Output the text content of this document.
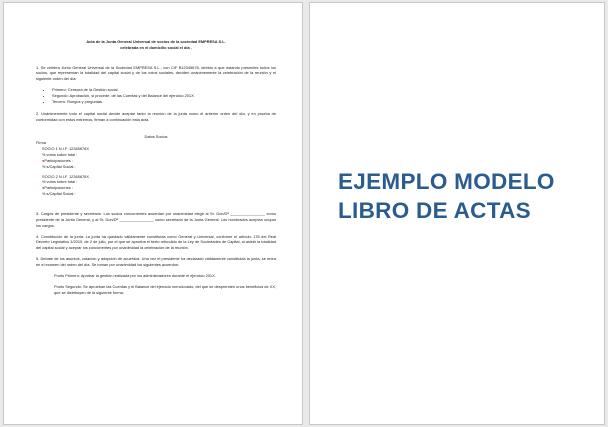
Acta de la Junta General Universal de socios de la sociedad EMPRESA S.L.
celebrada en el domicilio social el día .

1. Se celebra Junta General Universal de la Sociedad EMPRESA S.L., con CIF B12345678, debido a que estando presentes todos los socios, que representan la totalidad del capital social y de los votos sociales, deciden unánimemente la celebración de la reunión y el siguiente orden del día:

• Primero: Censura de la Gestión social.
• Segundo: Aprobación, si procede, de las Cuentas y del Balance del ejercicio 201X.
• Tercero: Ruegos y preguntas.

2. Unánimemente todo el capital social decide aceptar tanto la reunión de la junta como el anterior orden del día, y en prueba de conformidad con estos extremos, firman a continuación esta acta.

Datos Socios
Firma
SOCIO 1 N.I.F. 12345678X
% votos sobre total :
●Participaciones :
% s/Capital Social :
SOCIO 2 N.I.F. 12345678X
% votos sobre total :
●Participaciones :
% s/Capital Social :

3. Cargos de presidente y secretario. Los socios concurrentes acuerdan por unanimidad elegir al Sr. Don/Dª ________________ como presidente de la Junta General, y al Sr. Don/Dª ________________ como secretario de la Junta General. Los nombrados aceptan ocupar los cargos.

4. Constitución de la junta: La junta ha quedado válidamente constituida como General y Universal, conforme el artículo 178 del Real Decreto Legislativo 1/2010, de 2 de julio, por el que se aprueba el texto refundido de la Ley de Sociedades de Capital, al asistir la totalidad del capital social y aceptar los concurrentes por unanimidad la celebración de la reunión.

5. Debate de los asuntos, votación y adopción de acuerdos. Una vez el presidente ha declarado válidamente constituida la junta, se entra en el examen del orden del día. Se toman por unanimidad los siguientes acuerdos:

Punto Primero: Aprobar la gestión realizada por los administradores durante el ejercicio 201X.

Punto Segundo: Se aprueban las Cuentas y el Balance del ejercicio mencionado, del que se desprenden unos beneficios de XX, que se distribuyen de la siguiente forma:

EJEMPLO MODELO
LIBRO DE ACTAS
